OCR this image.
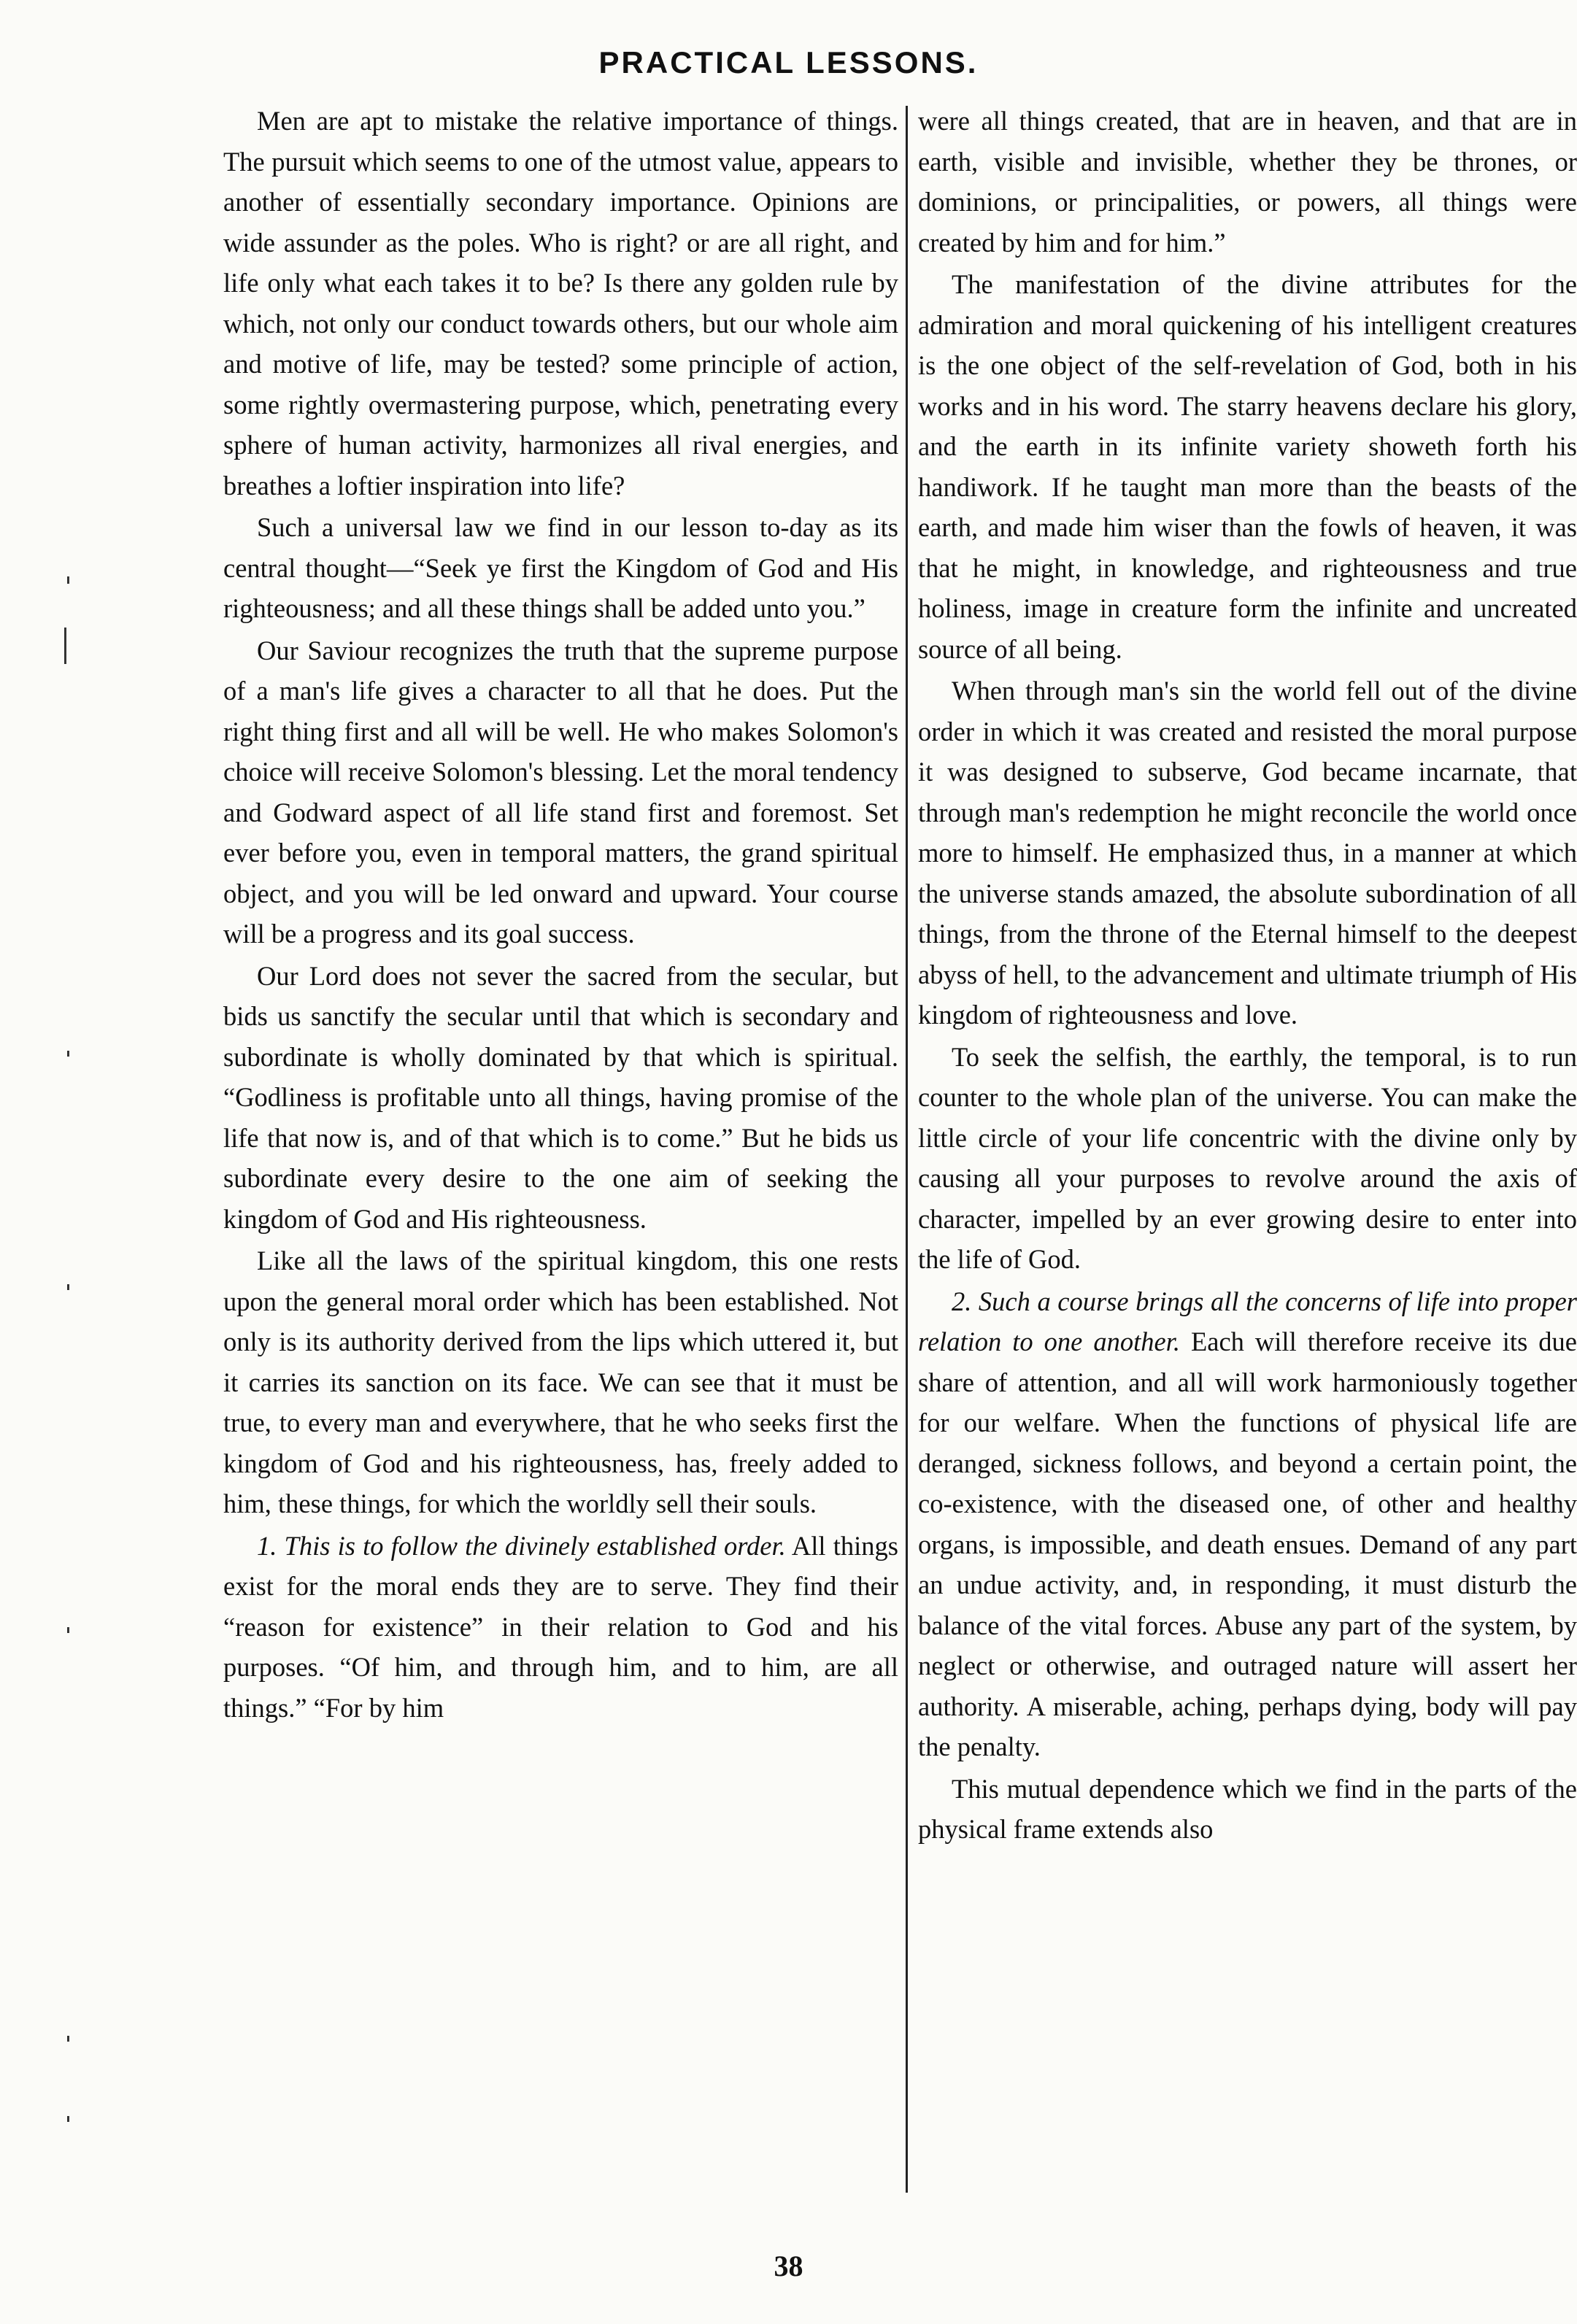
PRACTICAL LESSONS.

Men are apt to mistake the relative importance of things. The pursuit which seems to one of the utmost value, appears to another of essentially secondary importance. Opinions are wide assunder as the poles. Who is right? or are all right, and life only what each takes it to be? Is there any golden rule by which, not only our conduct towards others, but our whole aim and motive of life, may be tested? some principle of action, some rightly overmastering purpose, which, penetrating every sphere of human activity, harmonizes all rival energies, and breathes a loftier inspiration into life?

Such a universal law we find in our lesson to-day as its central thought—“Seek ye first the Kingdom of God and His righteousness; and all these things shall be added unto you.”

Our Saviour recognizes the truth that the supreme purpose of a man's life gives a character to all that he does. Put the right thing first and all will be well. He who makes Solomon's choice will receive Solomon's blessing. Let the moral tendency and Godward aspect of all life stand first and foremost. Set ever before you, even in temporal matters, the grand spiritual object, and you will be led onward and upward. Your course will be a progress and its goal success.

Our Lord does not sever the sacred from the secular, but bids us sanctify the secular until that which is secondary and subordinate is wholly dominated by that which is spiritual. “Godliness is profitable unto all things, having promise of the life that now is, and of that which is to come.” But he bids us subordinate every desire to the one aim of seeking the kingdom of God and His righteousness.

Like all the laws of the spiritual kingdom, this one rests upon the general moral order which has been established. Not only is its authority derived from the lips which uttered it, but it carries its sanction on its face. We can see that it must be true, to every man and everywhere, that he who seeks first the kingdom of God and his righteousness, has, freely added to him, these things, for which the worldly sell their souls.

1. This is to follow the divinely established order. All things exist for the moral ends they are to serve. They find their “reason for existence” in their relation to God and his purposes. “Of him, and through him, and to him, are all things.” “For by him

were all things created, that are in heaven, and that are in earth, visible and invisible, whether they be thrones, or dominions, or principalities, or powers, all things were created by him and for him.”

The manifestation of the divine attributes for the admiration and moral quickening of his intelligent creatures is the one object of the self-revelation of God, both in his works and in his word. The starry heavens declare his glory, and the earth in its infinite variety showeth forth his handiwork. If he taught man more than the beasts of the earth, and made him wiser than the fowls of heaven, it was that he might, in knowledge, and righteousness and true holiness, image in creature form the infinite and uncreated source of all being.

When through man's sin the world fell out of the divine order in which it was created and resisted the moral purpose it was designed to subserve, God became incarnate, that through man's redemption he might reconcile the world once more to himself. He emphasized thus, in a manner at which the universe stands amazed, the absolute subordination of all things, from the throne of the Eternal himself to the deepest abyss of hell, to the advancement and ultimate triumph of His kingdom of righteousness and love.

To seek the selfish, the earthly, the temporal, is to run counter to the whole plan of the universe. You can make the little circle of your life concentric with the divine only by causing all your purposes to revolve around the axis of character, impelled by an ever growing desire to enter into the life of God.

2. Such a course brings all the concerns of life into proper relation to one another. Each will therefore receive its due share of attention, and all will work harmoniously together for our welfare. When the functions of physical life are deranged, sickness follows, and beyond a certain point, the co-existence, with the diseased one, of other and healthy organs, is impossible, and death ensues. Demand of any part an undue activity, and, in responding, it must disturb the balance of the vital forces. Abuse any part of the system, by neglect or otherwise, and outraged nature will assert her authority. A miserable, aching, perhaps dying, body will pay the penalty.

This mutual dependence which we find in the parts of the physical frame extends also

38
